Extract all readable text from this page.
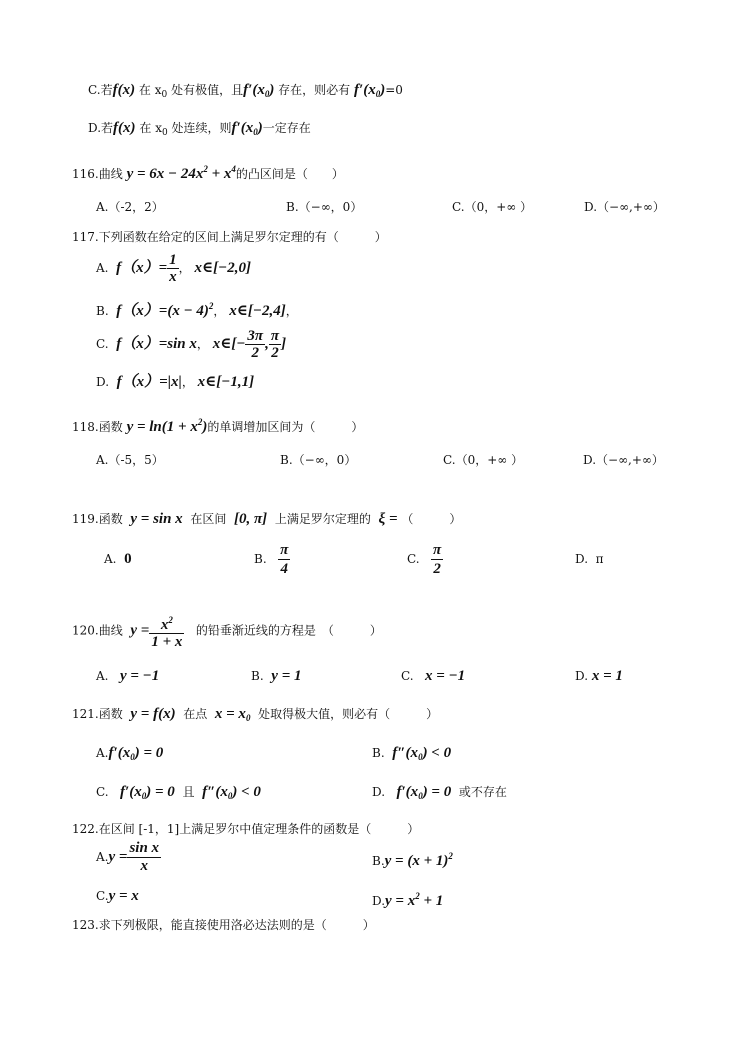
C.若f(x) 在 $x_0$ 处有极值，且$f'(x_0)$ 存在，则必有 $f'(x_0)=0$
D.若f(x) 在 $x_0$ 处连续，则$f'(x_0)$一定存在
116.曲线 $y = 6x - 24x^2 + x^4$的凸区间是（　　）
A.（-2，2）	B.（−∞，0）	C.（0，+∞ ）	D.（−∞,+∞）
117.下列函数在给定的区间上满足罗尔定理的有（　　　）
A. $f(x)= \frac{1}{x}$ ， x∈[−2,0]
B. $f(x)=(x - 4)^2$， x∈[−2,4]，
C. f（x）=sin x， x∈[− $\frac{3\pi}{2}$ , $\frac{\pi}{2}$ ]
D. f（x）=|x|， x∈[−1,1]
118.函数 $y = \ln(1 + x^2)$的单调增加区间为（　　　）
A.（-5，5）	B.（−∞，0）	C.（0，+∞ ）	D.（−∞,+∞）
119.函数 y = sin x 在区间 [0, π] 上满足罗尔定理的 ξ = （　　　）
A. 0	B. $\frac{\pi}{4}$	C. $\frac{\pi}{2}$	D. π
120.曲线 $y = \frac{x^2}{1 + x}$ 的铅垂渐近线的方程是　（　　　）
A. y = −1	B. y = 1	C. x = −1	D. x = 1
121.函数 y = f(x) 在点 $x = x_0$ 处取得极大值，则必有（　　　）
$A.f'(x_0) = 0$	B. $f''(x_0) < 0$
C. $f'(x_0) = 0$ 且 $f''(x_0) < 0$	D. $f'(x_0) = 0$ 或不存在
122.在区间 [-1，1]上满足罗尔中值定理条件的函数是（　　　）
$A.y = \frac{\text{sin x}}{x}$	$B.y = (x + 1)^2$
C.y = x	$D.y = x^2 + 1$
123.求下列极限，能直接使用洛必达法则的是（　　　）
